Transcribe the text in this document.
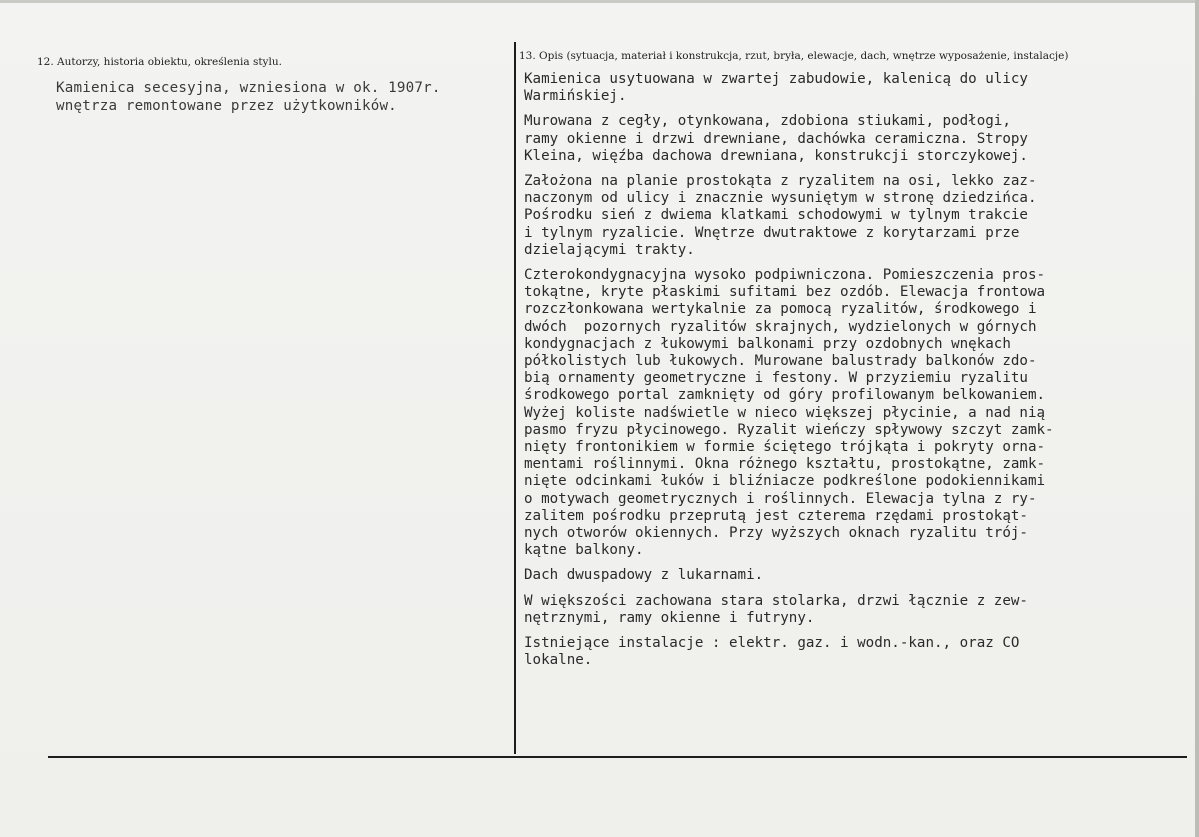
12. Autorzy, historia obiektu, określenia stylu.
Kamienica secesyjna, wzniesiona w ok. 1907r.
wnętrza remontowane przez użytkowników.
13. Opis (sytuacja, materiał i konstrukcja, rzut, bryła, elewacje, dach, wnętrze wyposażenie, instalacje)
Kamienica usytuowana w zwartej zabudowie, kalenicą do ulicy
Warmińskiej.
Murowana z cegły, otynkowana, zdobiona stiukami, podłogi,
ramy okienne i drzwi drewniane, dachówka ceramiczna. Stropy
Kleina, więźba dachowa drewniana, konstrukcji storczykowej.
Założona na planie prostokąta z ryzalitem na osi, lekko zaz-
naczonym od ulicy i znacznie wysuniętym w stronę dziedzińca.
Pośrodku sień z dwiema klatkami schodowymi w tylnym trakcie
i tylnym ryzalicie. Wnętrze dwutraktowe z korytarzami prze
dzielającymi trakty.
Czterokondygnacyjna wysoko podpiwniczona. Pomieszczenia pros-
tokątne, kryte płaskimi sufitami bez ozdób. Elewacja frontowa
rozczłonkowana wertykalnie za pomocą ryzalitów, środkowego i
dwóch  pozornych ryzalitów skrajnych, wydzielonych w górnych
kondygnacjach z łukowymi balkonami przy ozdobnych wnękach
półkolistych lub łukowych. Murowane balustrady balkonów zdo-
bią ornamenty geometryczne i festony. W przyziemiu ryzalitu
środkowego portal zamknięty od góry profilowanym belkowaniem.
Wyżej koliste nadświetle w nieco większej płycinie, a nad nią
pasmo fryzu płycinowego. Ryzalit wieńczy spływowy szczyt zamk-
nięty frontonikiem w formie ściętego trójkąta i pokryty orna-
mentami roślinnymi. Okna różnego kształtu, prostokątne, zamk-
nięte odcinkami łuków i bliźniacze podkreślone podokiennikami
o motywach geometrycznych i roślinnych. Elewacja tylna z ry-
zalitem pośrodku przeprutą jest czterema rzędami prostokąt-
nych otworów okiennych. Przy wyższych oknach ryzalitu trój-
kątne balkony.
Dach dwuspadowy z lukarnami.
W większości zachowana stara stolarka, drzwi łącznie z zew-
nętrznymi, ramy okienne i futryny.
Istniejące instalacje : elektr. gaz. i wodn.-kan., oraz CO
lokalne.
